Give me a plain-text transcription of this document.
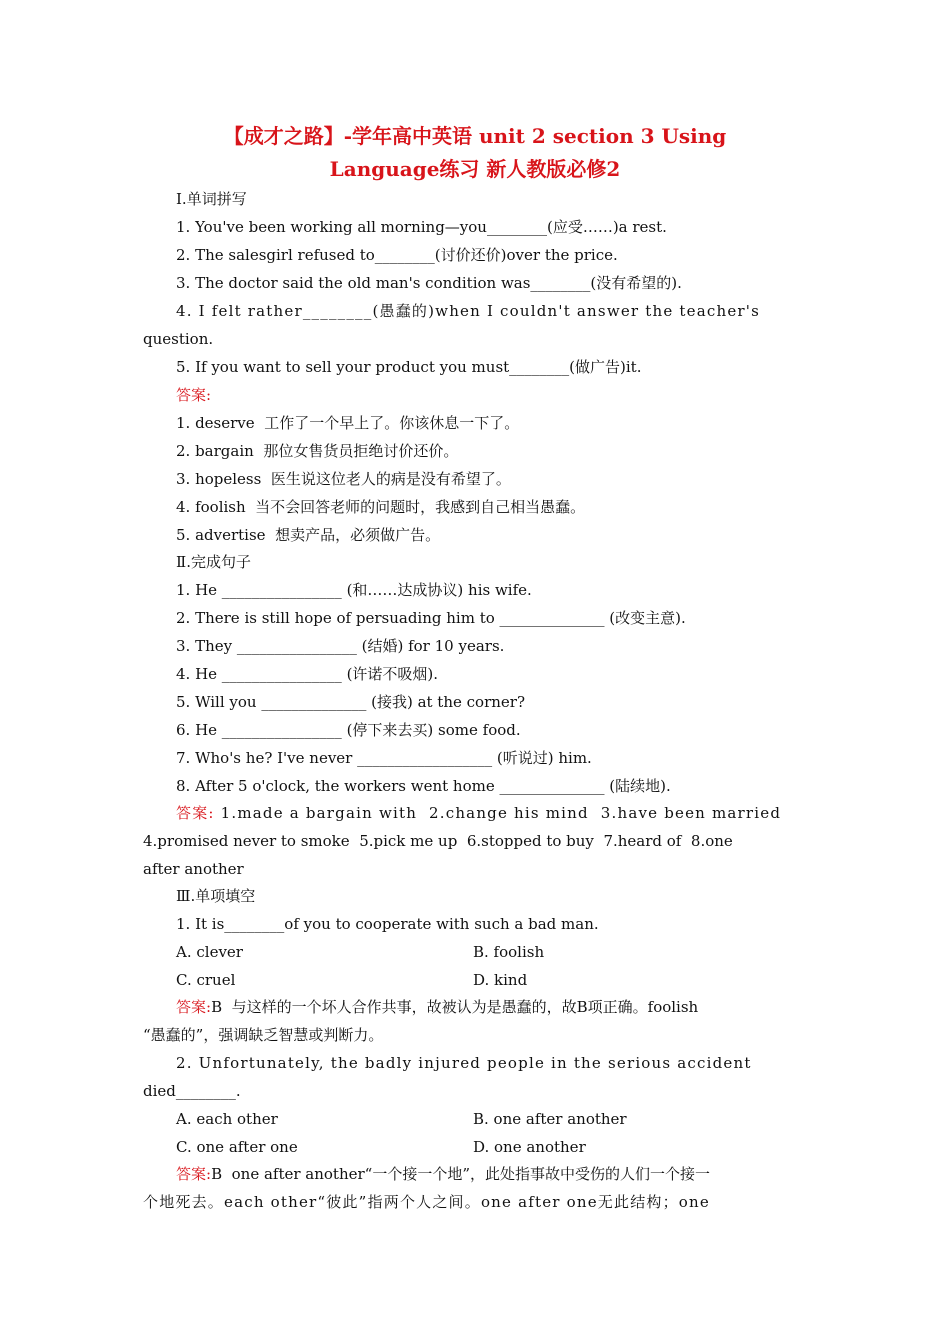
【成才之路】-学年高中英语 unit 2 section 3 Using
Language练习 新人教版必修2
Ⅰ.单词拼写
1. You've been working all morning—you________(应受……)a rest.
2. The salesgirl refused to________(讨价还价)over the price.
3. The doctor said the old man's condition was________(没有希望的).
4. I felt rather________(愚蠢的)when I couldn't answer the teacher's
question.
5. If you want to sell your product you must________(做广告)it.
答案:
1. deserve  工作了一个早上了。你该休息一下了。
2. bargain  那位女售货员拒绝讨价还价。
3. hopeless  医生说这位老人的病是没有希望了。
4. foolish  当不会回答老师的问题时，我感到自己相当愚蠢。
5. advertise  想卖产品，必须做广告。
Ⅱ.完成句子
1. He ________________ (和……达成协议) his wife.
2. There is still hope of persuading him to ______________ (改变主意).
3. They ________________ (结婚) for 10 years.
4. He ________________ (许诺不吸烟).
5. Will you ______________ (接我) at the corner?
6. He ________________ (停下来去买) some food.
7. Who's he? I've never __________________ (听说过) him.
8. After 5 o'clock, the workers went home ______________ (陆续地).
答案: 1.made a bargain with  2.change his mind  3.have been married
4.promised never to smoke  5.pick me up  6.stopped to buy  7.heard of  8.one
after another
Ⅲ.单项填空
1. It is________of you to cooperate with such a bad man.
A. clever	B. foolish
C. cruel	D. kind
答案:B  与这样的一个坏人合作共事，故被认为是愚蠢的，故B项正确。foolish
“愚蠢的”，强调缺乏智慧或判断力。
2. Unfortunately, the badly injured people in the serious accident
died________.
A. each other	B. one after another
C. one after one	D. one another
答案:B  one after another“一个接一个地”，此处指事故中受伤的人们一个接一
个地死去。each other“彼此”指两个人之间。one after one无此结构；one
